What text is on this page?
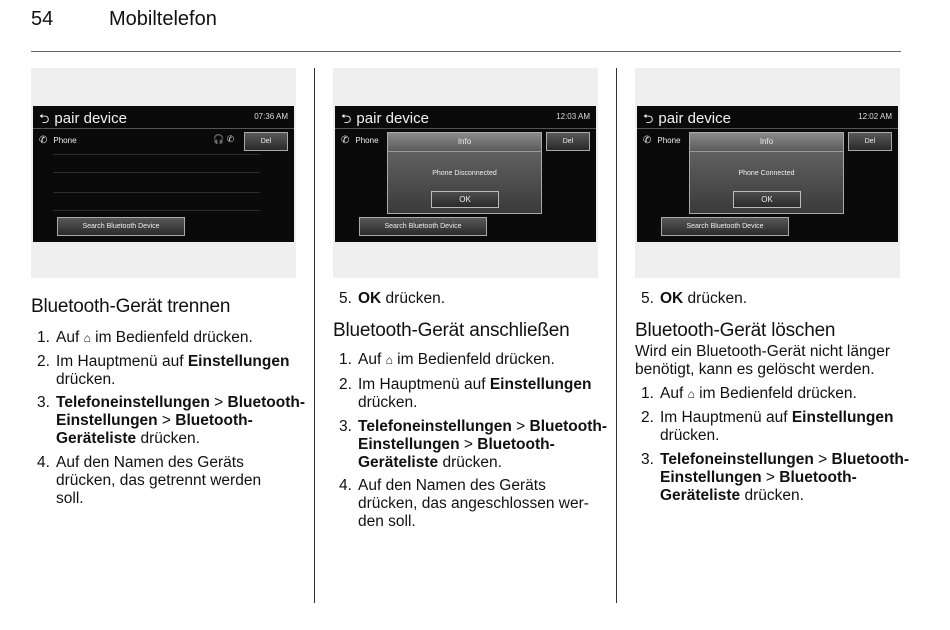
54	Mobiltelefon
⮌ pair device	07:36 AM
✆ Phone	🎧 ✆	Del
Search Bluetooth Device
⮌ pair device	12:03 AM
✆ Phone	Del
Search Bluetooth Device
Info
Phone Disconnected
OK
⮌ pair device	12:02 AM
✆ Phone	Del
Search Bluetooth Device
Info
Phone Connected
OK
Bluetooth-Gerät trennen
1. Auf ⌂ im Bedienfeld drücken.
2. Im Hauptmenü auf Einstellungen
drücken.
3. Telefoneinstellungen > Bluetooth-
Einstellungen > Bluetooth-
Geräteliste drücken.
4. Auf den Namen des Geräts
drücken, das getrennt werden
soll.
5. OK drücken.
Bluetooth-Gerät anschließen
1. Auf ⌂ im Bedienfeld drücken.
2. Im Hauptmenü auf Einstellungen
drücken.
3. Telefoneinstellungen > Bluetooth-
Einstellungen > Bluetooth-
Geräteliste drücken.
4. Auf den Namen des Geräts
drücken, das angeschlossen wer-
den soll.
5. OK drücken.
Bluetooth-Gerät löschen
Wird ein Bluetooth-Gerät nicht länger
benötigt, kann es gelöscht werden.
1. Auf ⌂ im Bedienfeld drücken.
2. Im Hauptmenü auf Einstellungen
drücken.
3. Telefoneinstellungen > Bluetooth-
Einstellungen > Bluetooth-
Geräteliste drücken.
